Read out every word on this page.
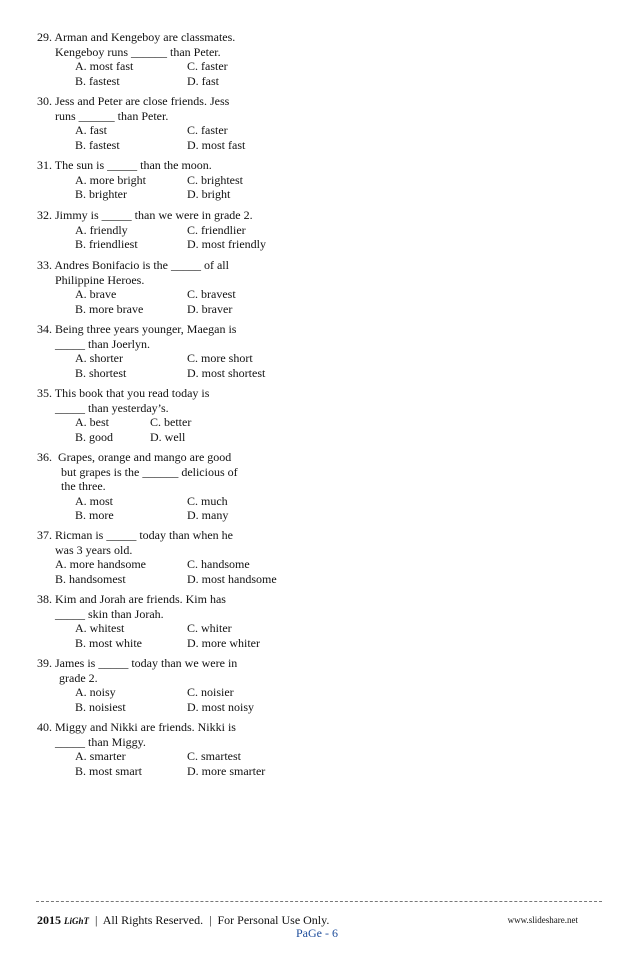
29. Arman and Kengeboy are classmates.
Kengeboy runs ______ than Peter.
A. most fast	C. faster
B. fastest	D. fast
30. Jess and Peter are close friends. Jess
runs ______ than Peter.
A. fast	C. faster
B. fastest	D. most fast
31. The sun is _____ than the moon.
A. more bright	C. brightest
B. brighter	D. bright
32. Jimmy is _____ than we were in grade 2.
A. friendly	C. friendlier
B. friendliest	D. most friendly
33. Andres Bonifacio is the _____ of all
Philippine Heroes.
A. brave	C. bravest
B. more brave	D. braver
34. Being three years younger, Maegan is
_____ than Joerlyn.
A. shorter	C. more short
B. shortest	D. most shortest
35. This book that you read today is
_____ than yesterday’s.
A. best	C. better
B. good	D. well
36.  Grapes, orange and mango are good
but grapes is the ______ delicious of
the three.
A. most	C. much
B. more	D. many
37. Ricman is _____ today than when he
was 3 years old.
A. more handsome	C. handsome
B. handsomest	D. most handsome
38. Kim and Jorah are friends. Kim has
_____ skin than Jorah.
A. whitest	C. whiter
B. most white	D. more whiter
39. James is _____ today than we were in
grade 2.
A. noisy	C. noisier
B. noisiest	D. most noisy
40. Miggy and Nikki are friends. Nikki is
_____ than Miggy.
A. smarter	C. smartest
B. most smart	D. more smarter
2015 LiGhT  |  All Rights Reserved.  |  For Personal Use Only.	www.slideshare.net
PaGe - 6
